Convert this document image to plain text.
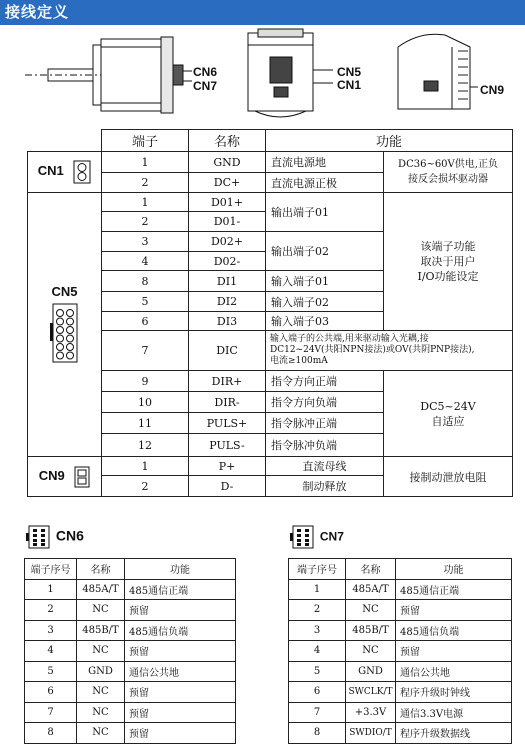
接线定义
CN6
CN7
CN5
CN1	CN9
	端子	名称	功能	
CN1	1	GND	直流电源地	DC36~60V供电,正负
接反会损坏驱动器

	2	DC+	直流电源正极	

CN5	1	D01+	输出端子01	该端子功能
取决于用户
I/O功能设定

	2	D01-		
	3	D02+	输出端子02	
	4	D02-		
	8	DI1	输入端子01	
	5	DI2	输入端子02	
	6	DI3	输入端子03	
	7	DIC	输入端子的公共端,用来驱动输入光耦,接
DC12~24V(共阳NPN接法)或OV(共阴PNP接法),
电流≥100mA	

	9	DIR+	指令方向正端	DC5~24V
自适应

	10	DIR-	指令方向负端	
	11	PULS+	指令脉冲正端	
	12	PULS-	指令脉冲负端	
CN9	1	P+	直流母线	接制动泄放电阻
	2	D-	制动释放	
CN6
端子序号	名称	功能
1	485A/T	485通信正端
2	NC	预留
3	485B/T	485通信负端
4	NC	预留
5	GND	通信公共地
6	NC	预留
7	NC	预留
8	NC	预留
CN7
端子序号	名称	功能
1	485A/T	485通信正端
2	NC	预留
3	485B/T	485通信负端
4	NC	预留
5	GND	通信公共地
6	SWCLK/T	程序升级时钟线
7	+3.3V	通信3.3V电源
8	SWDIO/T	程序升级数据线
